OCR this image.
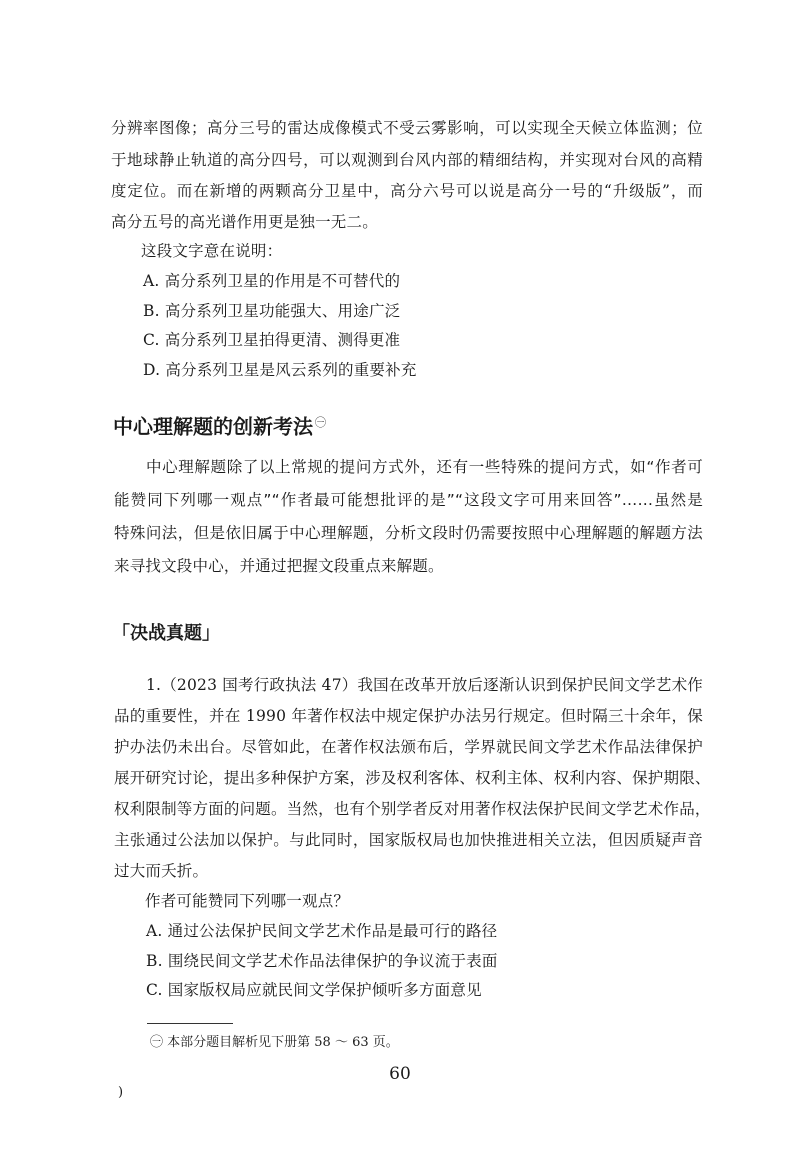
分辨率图像；高分三号的雷达成像模式不受云雾影响，可以实现全天候立体监测；位
于地球静止轨道的高分四号，可以观测到台风内部的精细结构，并实现对台风的高精
度定位。而在新增的两颗高分卫星中，高分六号可以说是高分一号的“升级版”，而
高分五号的高光谱作用更是独一无二。
这段文字意在说明：
A. 高分系列卫星的作用是不可替代的
B. 高分系列卫星功能强大、用途广泛
C. 高分系列卫星拍得更清、测得更准
D. 高分系列卫星是风云系列的重要补充
中心理解题的创新考法 $^㊀$
中心理解题除了以上常规的提问方式外，还有一些特殊的提问方式，如“作者可
能赞同下列哪一观点”“作者最可能想批评的是”“这段文字可用来回答”……虽然是
特殊问法，但是依旧属于中心理解题，分析文段时仍需要按照中心理解题的解题方法
来寻找文段中心，并通过把握文段重点来解题。
「决战真题」
1.（2023 国考行政执法 47）我国在改革开放后逐渐认识到保护民间文学艺术作
品的重要性，并在 1990 年著作权法中规定保护办法另行规定。但时隔三十余年，保
护办法仍未出台。尽管如此，在著作权法颁布后，学界就民间文学艺术作品法律保护
展开研究讨论，提出多种保护方案，涉及权利客体、权利主体、权利内容、保护期限、
权利限制等方面的问题。当然，也有个别学者反对用著作权法保护民间文学艺术作品，
主张通过公法加以保护。与此同时，国家版权局也加快推进相关立法，但因质疑声音
过大而夭折。
作者可能赞同下列哪一观点？
A. 通过公法保护民间文学艺术作品是最可行的路径
B. 围绕民间文学艺术作品法律保护的争议流于表面
C. 国家版权局应就民间文学保护倾听多方面意见
㊀ 本部分题目解析见下册第 58 ～ 63 页。
60
)
